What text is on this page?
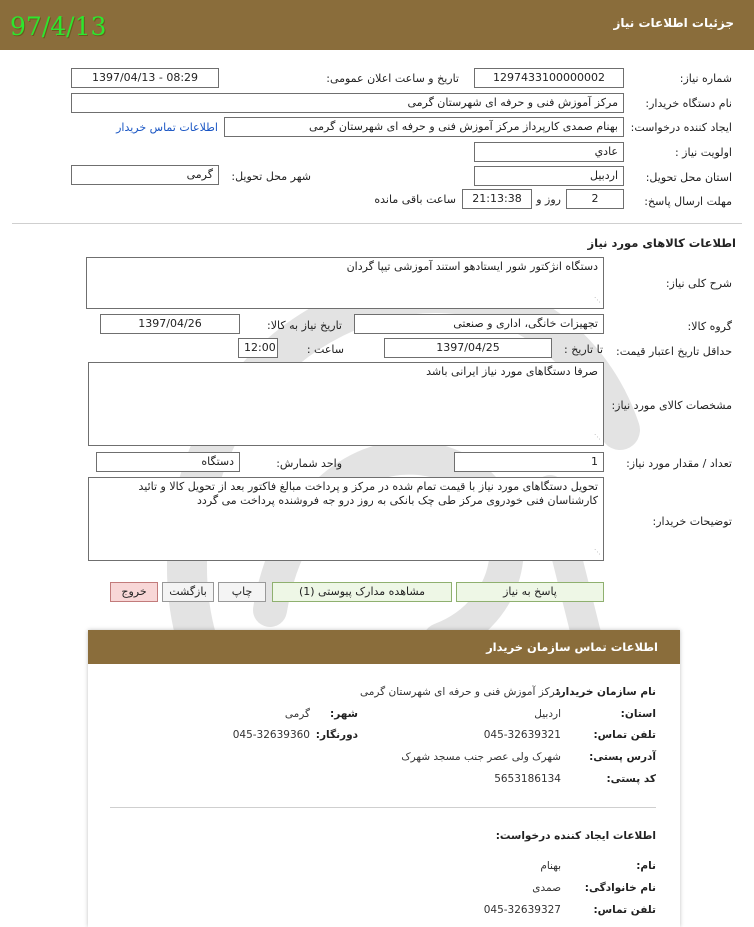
جزئیات اطلاعات نیاز
97/4/13
شماره نیاز:
1297433100000002
تاریخ و ساعت اعلان عمومی:
1397/04/13 - 08:29
نام دستگاه خریدار:
مرکز آموزش فنی و حرفه ای شهرستان گرمی
ایجاد کننده درخواست:
بهنام صمدی کارپرداز مرکز آموزش فنی و حرفه ای شهرستان گرمی
اطلاعات تماس خریدار
اولویت نیاز :
عادي
استان محل تحویل:
اردبیل
شهر محل تحویل:
گرمی
مهلت ارسال پاسخ:
2
روز و
21:13:38
ساعت باقی مانده
اطلاعات کالاهای مورد نیاز
شرح کلی نیاز:
دستگاه انژکتور شور ایستادهو استند آموزشی تیپا گردان
⋰
گروه کالا:
تجهیزات خانگی، اداری و صنعتی
تاریخ نیاز به کالا:
1397/04/26
حداقل تاریخ اعتبار قیمت:
تا تاریخ :
1397/04/25
ساعت :
12:00
مشخصات کالای مورد نیاز:
صرفا دستگاهای مورد نیاز ایرانی باشد
⋰
تعداد / مقدار مورد نیاز:
1
واحد شمارش:
دستگاه
توضیحات خریدار:
تحویل دستگاهای مورد نیاز با قیمت تمام شده در مرکز و پرداخت مبالغ فاکتور بعد از تحویل کالا و تائید کارشناسان فنی خودروی مرکز طی چک بانکی به روز درو جه فروشنده پرداخت می گردد
⋰
پاسخ به نیاز
مشاهده مدارک پیوستی (1)
چاپ
بازگشت
خروج
اطلاعات تماس سازمان خریدار
نام سازمان خریدار:
مرکز آموزش فنی و حرفه ای شهرستان گرمی
استان:
اردبیل
شهر:
گرمی
تلفن تماس:
045-32639321
دورنگار:
045-32639360
آدرس پستی:
شهرک ولی عصر جنب مسجد شهرک
کد پستی:
5653186134
اطلاعات ایجاد کننده درخواست:
نام:
بهنام
نام خانوادگی:
صمدی
تلفن تماس:
045-32639327
